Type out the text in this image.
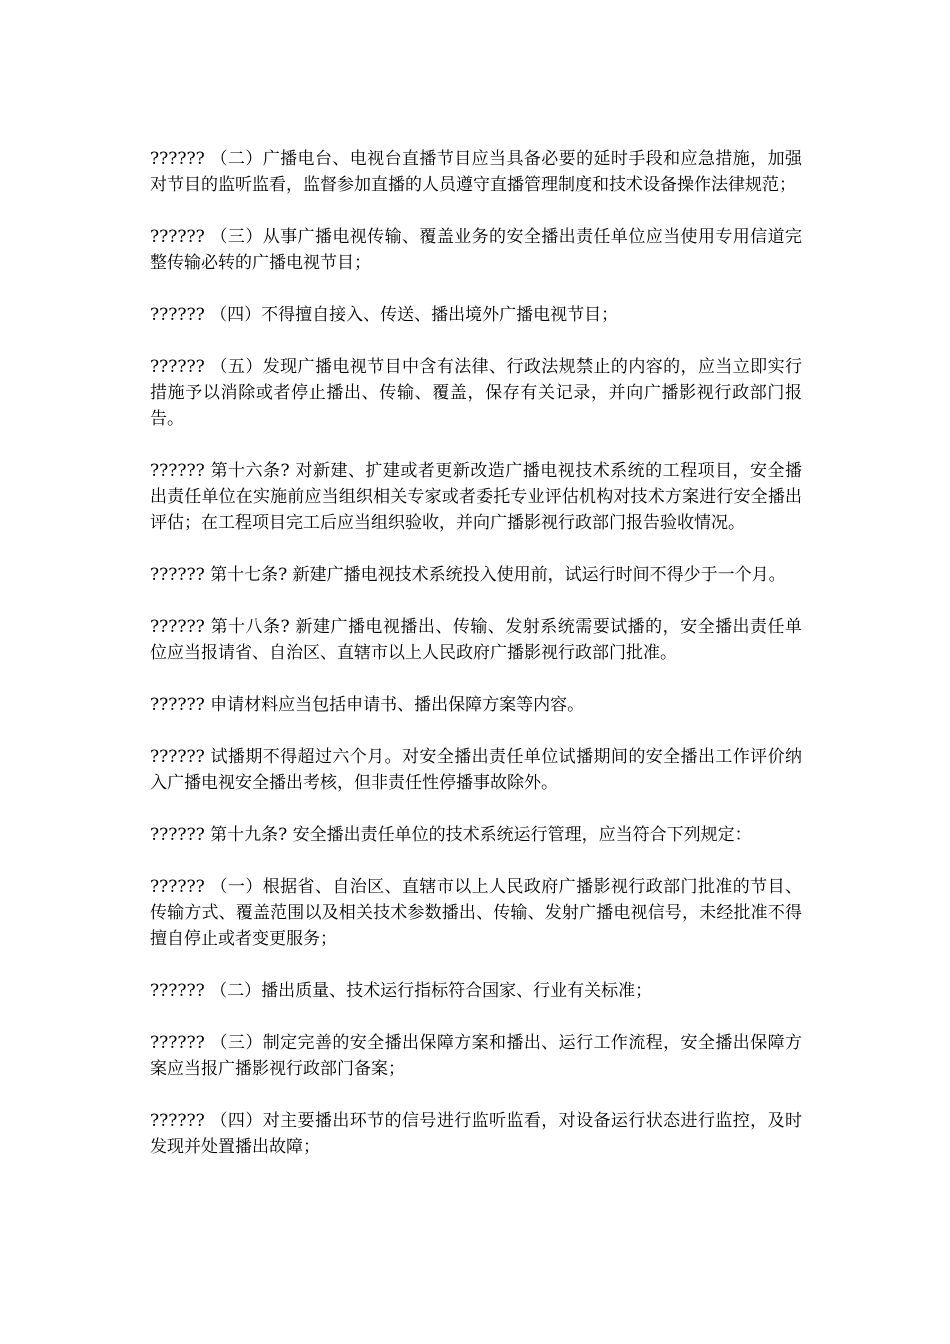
?????? （二）广播电台、电视台直播节目应当具备必要的延时手段和应急措施，加强对节目的监听监看，监督参加直播的人员遵守直播管理制度和技术设备操作法律规范；

?????? （三）从事广播电视传输、覆盖业务的安全播出责任单位应当使用专用信道完整传输必转的广播电视节目；

?????? （四）不得擅自接入、传送、播出境外广播电视节目；

?????? （五）发现广播电视节目中含有法律、行政法规禁止的内容的，应当立即实行措施予以消除或者停止播出、传输、覆盖，保存有关记录，并向广播影视行政部门报告。

?????? 第十六条? 对新建、扩建或者更新改造广播电视技术系统的工程项目，安全播出责任单位在实施前应当组织相关专家或者委托专业评估机构对技术方案进行安全播出评估；在工程项目完工后应当组织验收，并向广播影视行政部门报告验收情况。

?????? 第十七条? 新建广播电视技术系统投入使用前，试运行时间不得少于一个月。

?????? 第十八条? 新建广播电视播出、传输、发射系统需要试播的，安全播出责任单位应当报请省、自治区、直辖市以上人民政府广播影视行政部门批准。

?????? 申请材料应当包括申请书、播出保障方案等内容。

?????? 试播期不得超过六个月。对安全播出责任单位试播期间的安全播出工作评价纳入广播电视安全播出考核，但非责任性停播事故除外。

?????? 第十九条? 安全播出责任单位的技术系统运行管理，应当符合下列规定：

?????? （一）根据省、自治区、直辖市以上人民政府广播影视行政部门批准的节目、传输方式、覆盖范围以及相关技术参数播出、传输、发射广播电视信号，未经批准不得擅自停止或者变更服务；

?????? （二）播出质量、技术运行指标符合国家、行业有关标准；

?????? （三）制定完善的安全播出保障方案和播出、运行工作流程，安全播出保障方案应当报广播影视行政部门备案；

?????? （四）对主要播出环节的信号进行监听监看，对设备运行状态进行监控，及时发现并处置播出故障；
